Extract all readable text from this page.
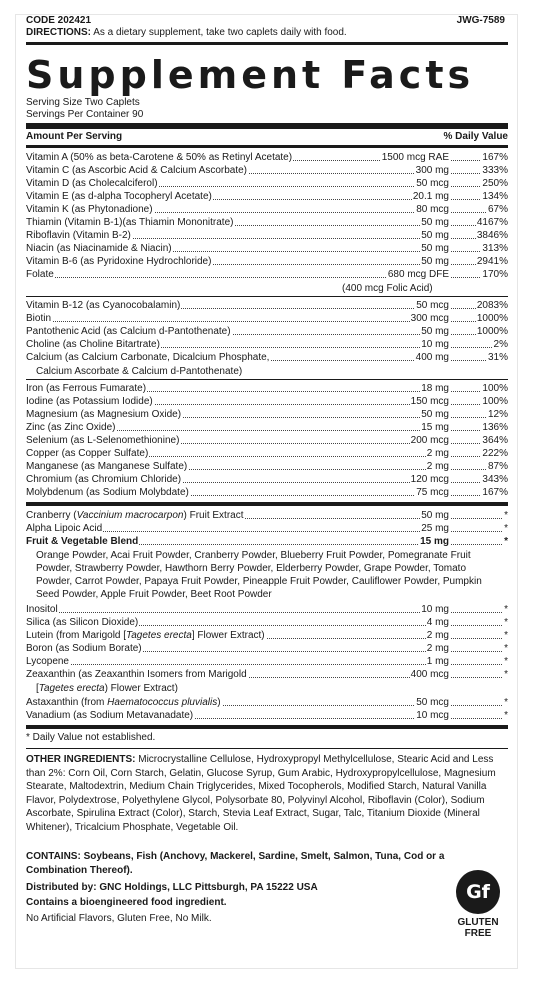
CODE 202421	JWG-7589
DIRECTIONS: As a dietary supplement, take two caplets daily with food.
Supplement Facts
Serving Size Two Caplets
Servings Per Container 90
Amount Per Serving	% Daily Value
Vitamin A (50% as beta-Carotene & 50% as Retinyl Acetate)	1500 mcg RAE	167%
Vitamin C (as Ascorbic Acid & Calcium Ascorbate)	300 mg	333%
Vitamin D (as Cholecalciferol)	50 mcg	250%
Vitamin E (as d-alpha Tocopheryl Acetate)	20.1 mg	134%
Vitamin K (as Phytonadione)	80 mcg	67%
Thiamin (Vitamin B-1)(as Thiamin Mononitrate)	50 mg	4167%
Riboflavin (Vitamin B-2)	50 mg	3846%
Niacin (as Niacinamide & Niacin)	50 mg	313%
Vitamin B-6 (as Pyridoxine Hydrochloride)	50 mg	2941%
Folate	680 mcg DFE	170%
(400 mcg Folic Acid)
Vitamin B-12 (as Cyanocobalamin)	50 mcg	2083%
Biotin	300 mcg	1000%
Pantothenic Acid (as Calcium d-Pantothenate)	50 mg	1000%
Choline (as Choline Bitartrate)	10 mg	2%
Calcium (as Calcium Carbonate, Dicalcium Phosphate,	400 mg	31%
Calcium Ascorbate & Calcium d-Pantothenate)
Iron (as Ferrous Fumarate)	18 mg	100%
Iodine (as Potassium Iodide)	150 mcg	100%
Magnesium (as Magnesium Oxide)	50 mg	12%
Zinc (as Zinc Oxide)	15 mg	136%
Selenium (as L-Selenomethionine)	200 mcg	364%
Copper (as Copper Sulfate)	2 mg	222%
Manganese (as Manganese Sulfate)	2 mg	87%
Chromium (as Chromium Chloride)	120 mcg	343%
Molybdenum (as Sodium Molybdate)	75 mcg	167%
Cranberry (Vaccinium macrocarpon) Fruit Extract	50 mg	*
Alpha Lipoic Acid	25 mg	*
Fruit & Vegetable Blend	15 mg	*
Orange Powder, Acai Fruit Powder, Cranberry Powder, Blueberry Fruit Powder, Pomegranate Fruit
Powder, Strawberry Powder, Hawthorn Berry Powder, Elderberry Powder, Grape Powder, Tomato
Powder, Carrot Powder, Papaya Fruit Powder, Pineapple Fruit Powder, Cauliflower Powder, Pumpkin
Seed Powder, Apple Fruit Powder, Beet Root Powder
Inositol	10 mg	*
Silica (as Silicon Dioxide)	4 mg	*
Lutein (from Marigold [Tagetes erecta] Flower Extract)	2 mg	*
Boron (as Sodium Borate)	2 mg	*
Lycopene	1 mg	*
Zeaxanthin (as Zeaxanthin Isomers from Marigold	400 mcg	*
[Tagetes erecta) Flower Extract)
Astaxanthin (from Haematococcus pluvialis)	50 mcg	*
Vanadium (as Sodium Metavanadate)	10 mcg	*
* Daily Value not established.
OTHER INGREDIENTS: Microcrystalline Cellulose, Hydroxypropyl Methylcellulose, Stearic Acid and Less than 2%: Corn Oil, Corn Starch, Gelatin, Glucose Syrup, Gum Arabic, Hydroxypropylcellulose, Magnesium Stearate, Maltodextrin, Medium Chain Triglycerides, Mixed Tocopherols, Modified Starch, Natural Vanilla Flavor, Polydextrose, Polyethylene Glycol, Polysorbate 80, Polyvinyl Alcohol, Riboflavin (Color), Sodium Ascorbate, Spirulina Extract (Color), Starch, Stevia Leaf Extract, Sugar, Talc, Titanium Dioxide (Mineral Whitener), Tricalcium Phosphate, Vegetable Oil.
CONTAINS: Soybeans, Fish (Anchovy, Mackerel, Sardine, Smelt, Salmon, Tuna, Cod or a Combination Thereof).
Distributed by: GNC Holdings, LLC Pittsburgh, PA 15222 USA
Contains a bioengineered food ingredient.
No Artificial Flavors, Gluten Free, No Milk.
Gf
GLUTEN
FREE
